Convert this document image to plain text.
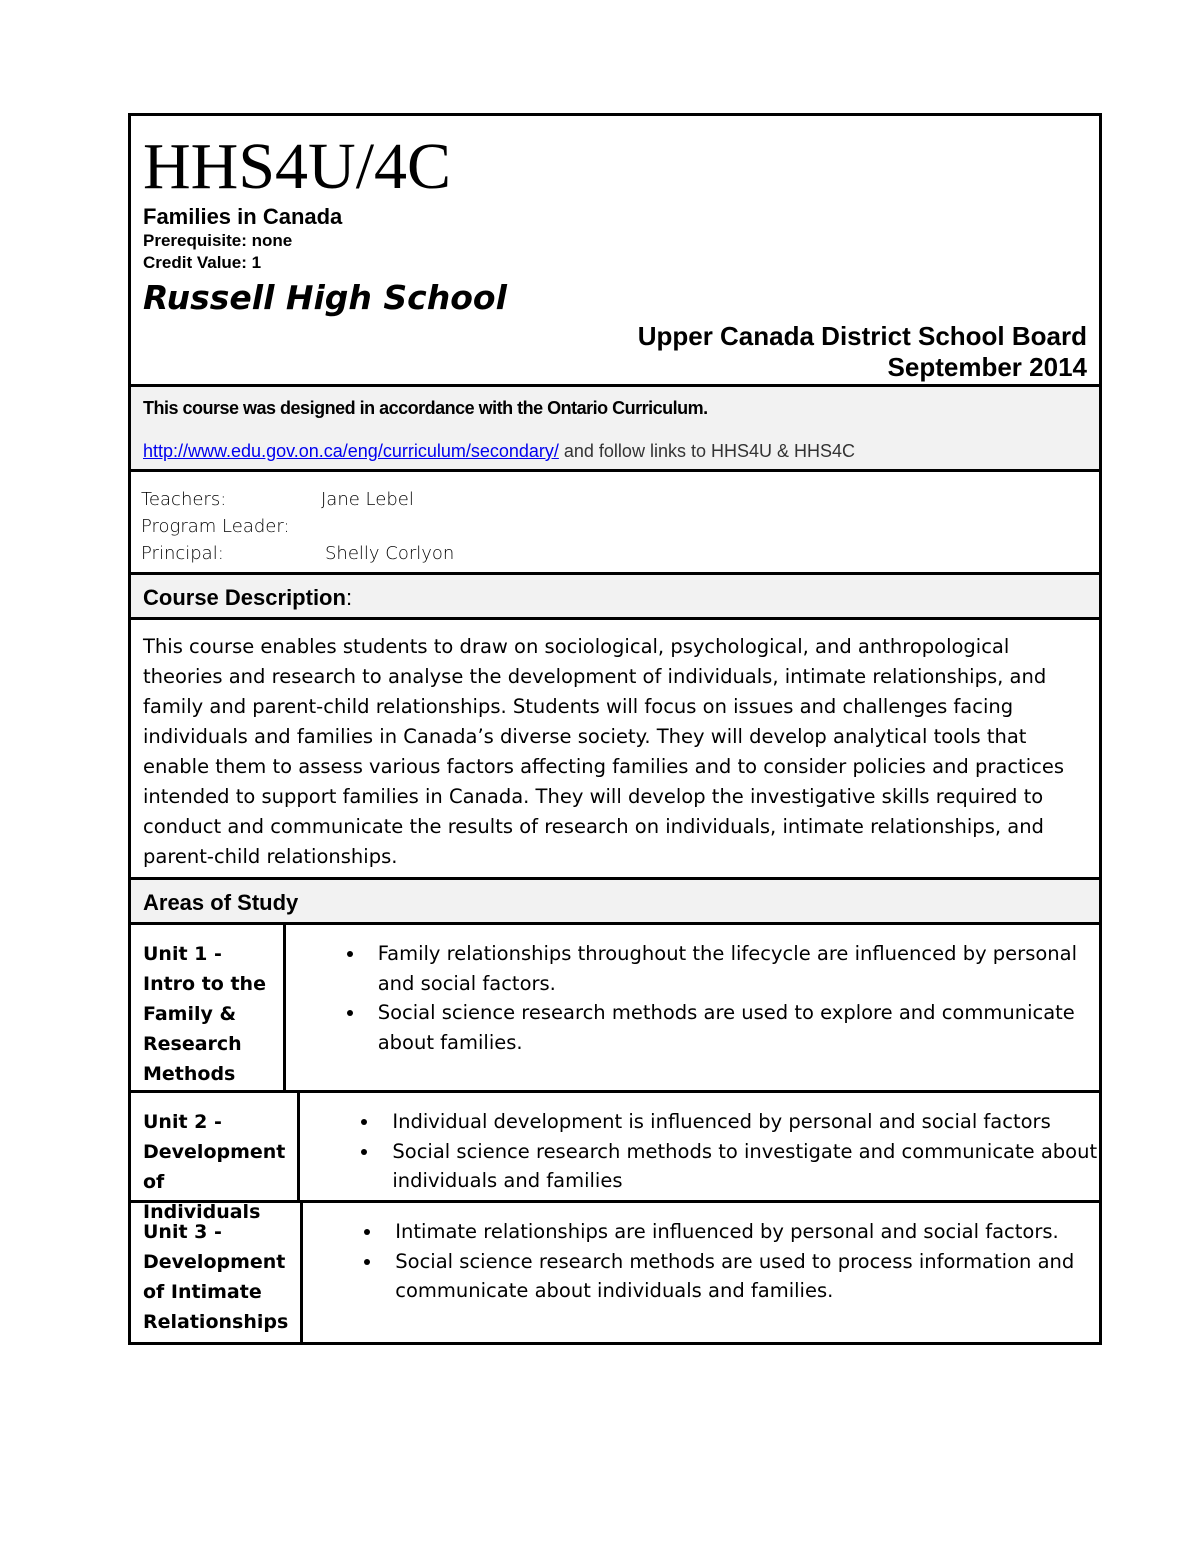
HHS4U/4C
Families in Canada
Prerequisite: none
Credit Value: 1
Russell High School
Upper Canada District School Board
September 2014
This course was designed in accordance with the Ontario Curriculum.
http://www.edu.gov.on.ca/eng/curriculum/secondary/ and follow links to HHS4U & HHS4C
Teachers:	Jane Lebel
Program Leader:
Principal:	Shelly Corlyon
Course Description:
This course enables students to draw on sociological, psychological, and anthropological theories and research to analyse the development of individuals, intimate relationships, and family and parent-child relationships. Students will focus on issues and challenges facing individuals and families in Canada’s diverse society. They will develop analytical tools that enable them to assess various factors affecting families and to consider policies and practices intended to support families in Canada. They will develop the investigative skills required to conduct and communicate the results of research on individuals, intimate relationships, and parent-child relationships.
Areas of Study
Unit 1 - Intro to the Family & Research Methods
• Family relationships throughout the lifecycle are influenced by personal and social factors.
• Social science research methods are used to explore and communicate about families.
Unit 2 - Development of Individuals
• Individual development is influenced by personal and social factors
• Social science research methods to investigate and communicate about individuals and families
Unit 3 - Development of Intimate Relationships
• Intimate relationships are influenced by personal and social factors.
• Social science research methods are used to process information and communicate about individuals and families.
